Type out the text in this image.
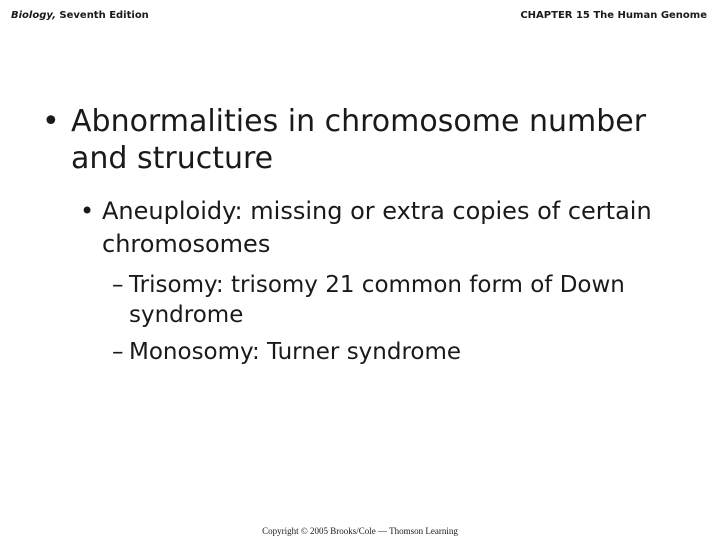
Biology, Seventh Edition	CHAPTER 15 The Human Genome
• Abnormalities in chromosome number and structure
• Aneuploidy: missing or extra copies of certain chromosomes
– Trisomy: trisomy 21 common form of Down syndrome
– Monosomy: Turner syndrome
Copyright © 2005 Brooks/Cole — Thomson Learning
